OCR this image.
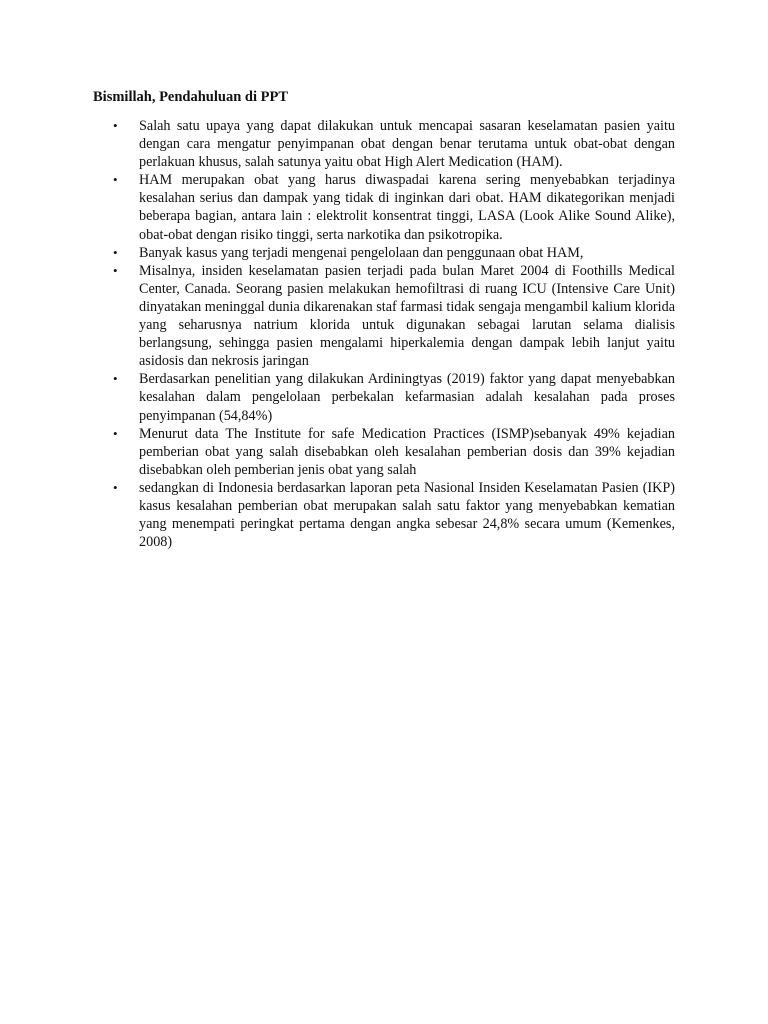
Bismillah, Pendahuluan di PPT
• Salah satu upaya yang dapat dilakukan untuk mencapai sasaran keselamatan pasien yaitu dengan cara mengatur penyimpanan obat dengan benar terutama untuk obat-obat dengan perlakuan khusus, salah satunya yaitu obat High Alert Medication (HAM).
• HAM merupakan obat yang harus diwaspadai karena sering menyebabkan terjadinya kesalahan serius dan dampak yang tidak di inginkan dari obat. HAM dikategorikan menjadi beberapa bagian, antara lain : elektrolit konsentrat tinggi, LASA (Look Alike Sound Alike), obat-obat dengan risiko tinggi, serta narkotika dan psikotropika.
• Banyak kasus yang terjadi mengenai pengelolaan dan penggunaan obat HAM,
• Misalnya, insiden keselamatan pasien terjadi pada bulan Maret 2004 di Foothills Medical Center, Canada. Seorang pasien melakukan hemofiltrasi di ruang ICU (Intensive Care Unit) dinyatakan meninggal dunia dikarenakan staf farmasi tidak sengaja mengambil kalium klorida yang seharusnya natrium klorida untuk digunakan sebagai larutan selama dialisis berlangsung, sehingga pasien mengalami hiperkalemia dengan dampak lebih lanjut yaitu asidosis dan nekrosis jaringan
• Berdasarkan penelitian yang dilakukan Ardiningtyas (2019) faktor yang dapat menyebabkan kesalahan dalam pengelolaan perbekalan kefarmasian adalah kesalahan pada proses penyimpanan (54,84%)
• Menurut data The Institute for safe Medication Practices (ISMP)sebanyak 49% kejadian pemberian obat yang salah disebabkan oleh kesalahan pemberian dosis dan 39% kejadian disebabkan oleh pemberian jenis obat yang salah
• sedangkan di Indonesia berdasarkan laporan peta Nasional Insiden Keselamatan Pasien (IKP) kasus kesalahan pemberian obat merupakan salah satu faktor yang menyebabkan kematian yang menempati peringkat pertama dengan angka sebesar 24,8% secara umum (Kemenkes, 2008)
